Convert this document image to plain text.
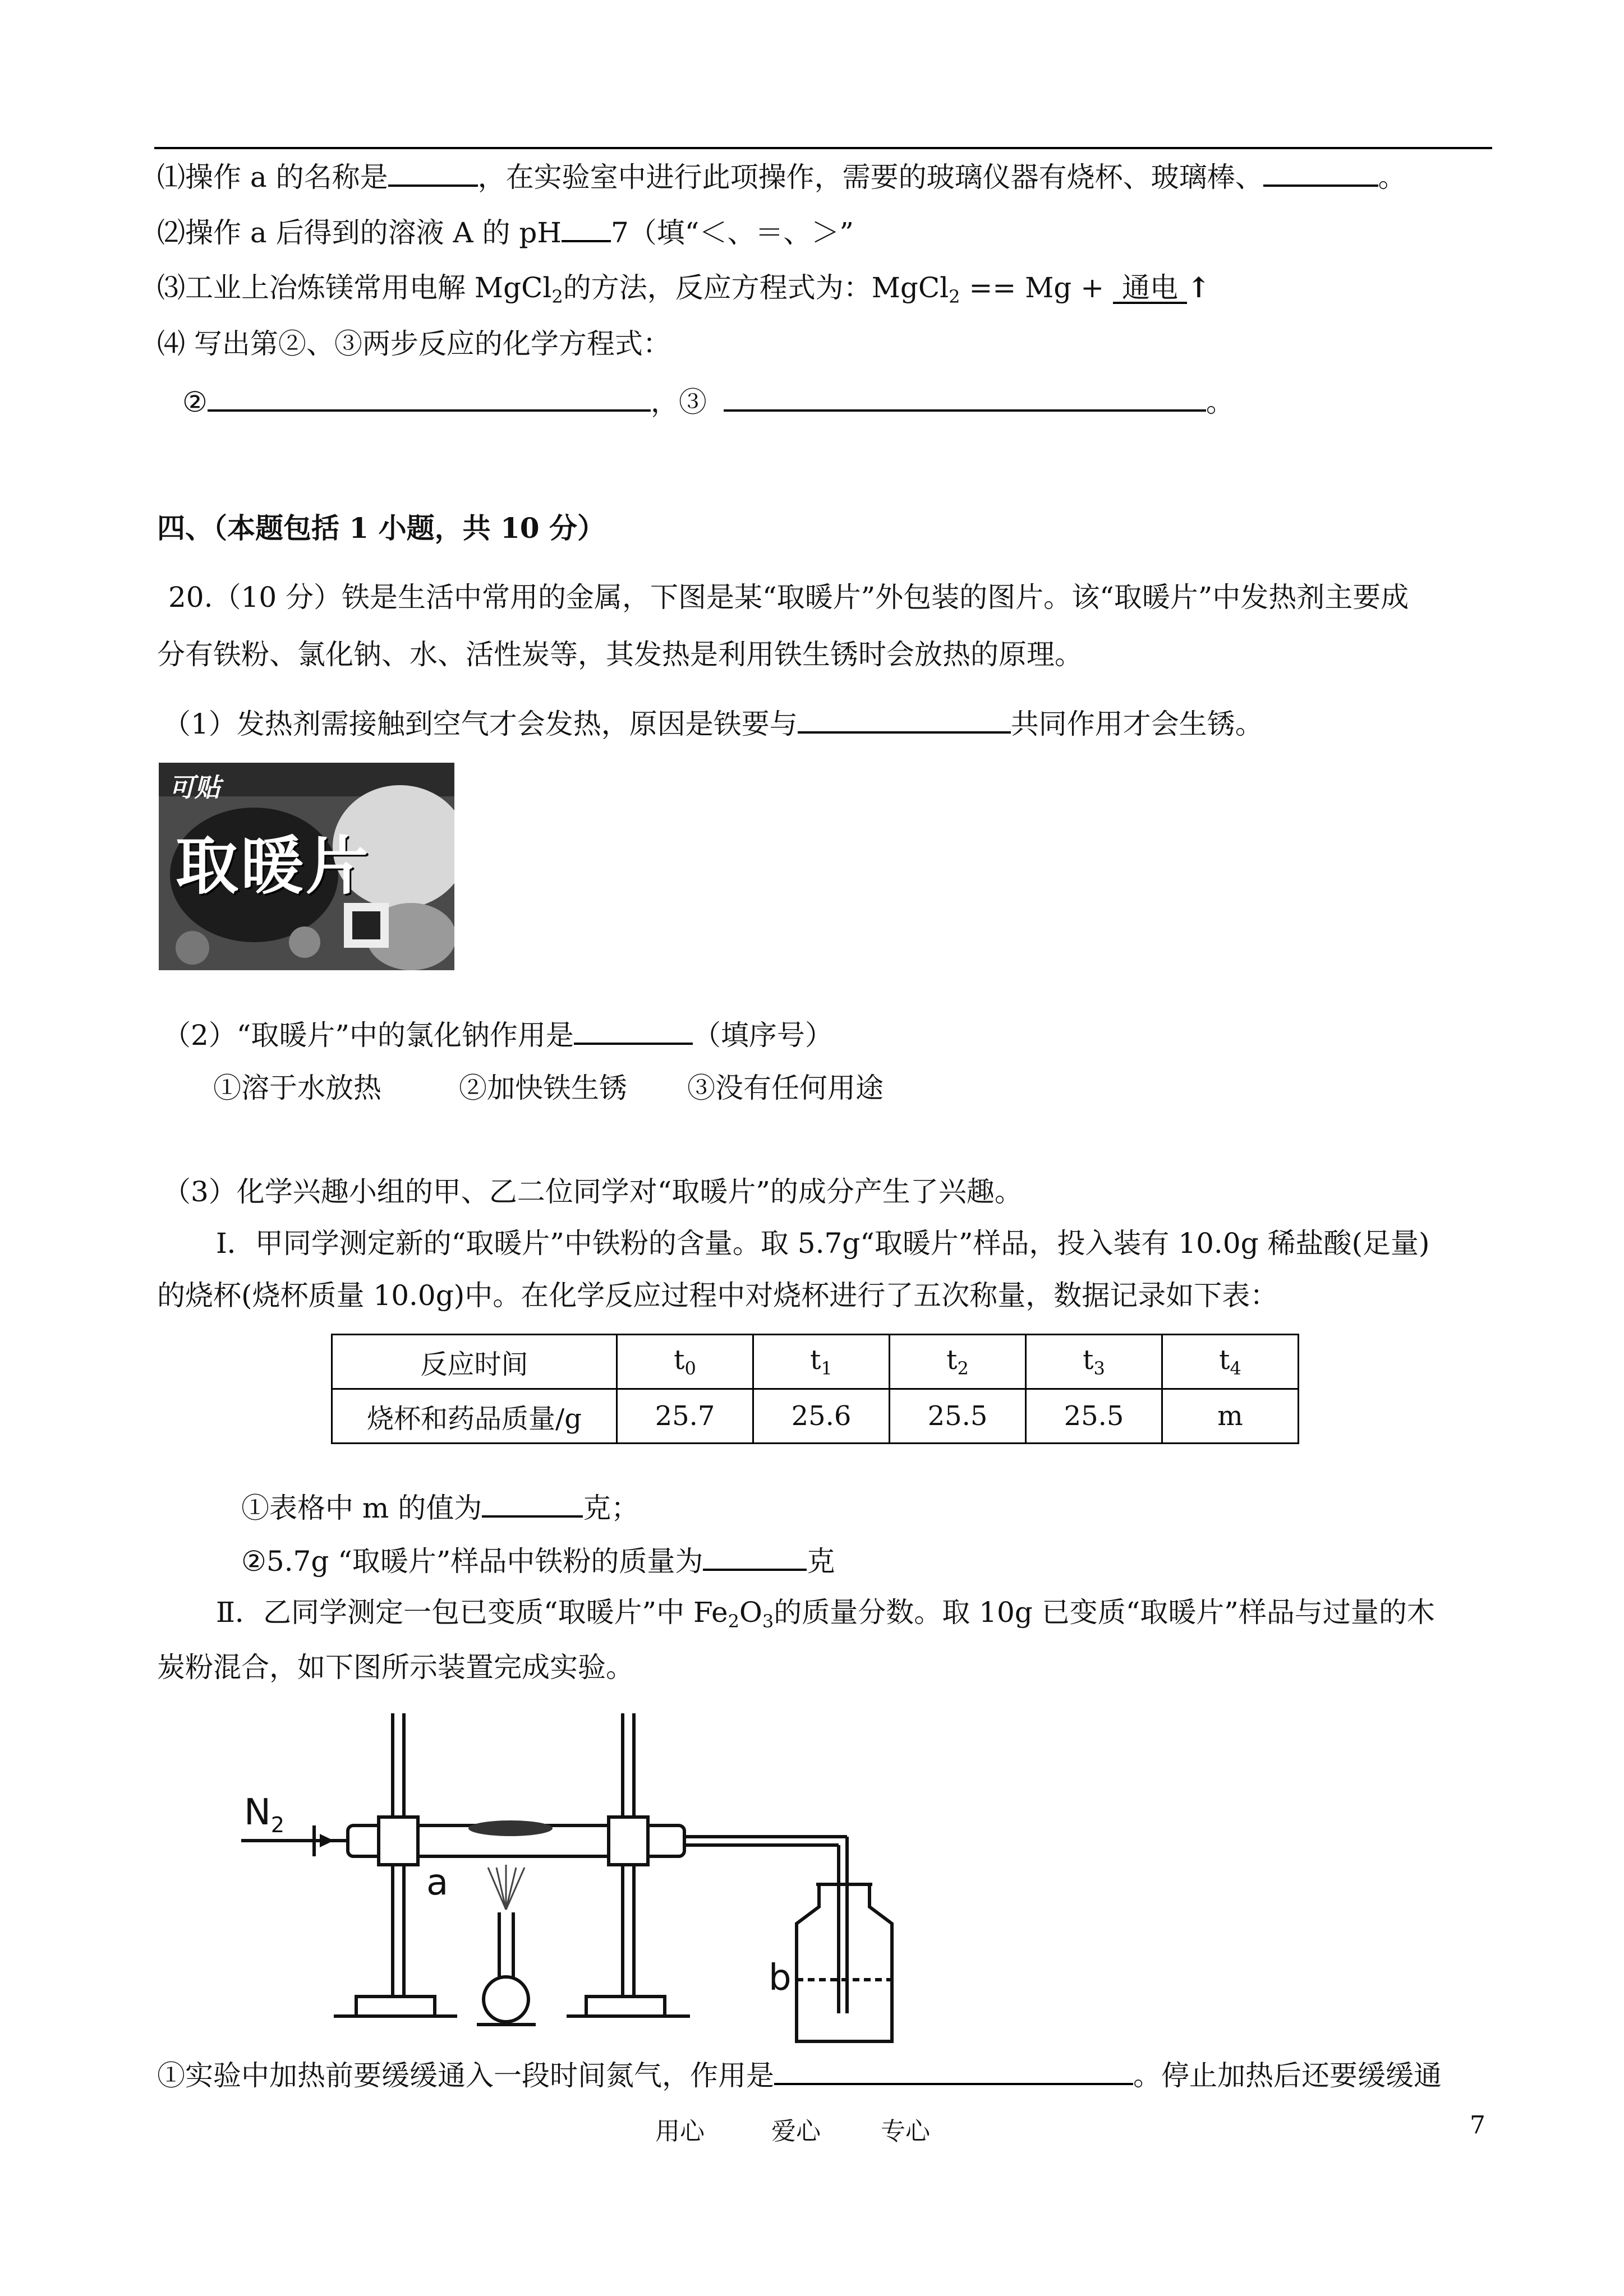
⑴操作 a 的名称是	，在实验室中进行此项操作，需要的玻璃仪器有烧杯、玻璃棒、	。
⑵操作 a 后得到的溶液 A 的 pH 7（填“＜、＝、＞”
⑶工业上冶炼镁常用电解 MgCl$_2$的方法，反应方程式为：MgCl$_2$ == Mg + 通电 ↑
⑷ 写出第②、③两步反应的化学方程式：
②	，③	。
四、（本题包括 1 小题，共 10 分）
20.（10 分）铁是生活中常用的金属，下图是某“取暖片”外包装的图片。该“取暖片”中发热剂主要成
分有铁粉、氯化钠、水、活性炭等，其发热是利用铁生锈时会放热的原理。
（1）发热剂需接触到空气才会发热，原因是铁要与	共同作用才会生锈。
可贴
取暖片
（2）“取暖片”中的氯化钠作用是	（填序号）
①溶于水放热	②加快铁生锈 ③没有任何用途
（3）化学兴趣小组的甲、乙二位同学对“取暖片”的成分产生了兴趣。
Ⅰ．甲同学测定新的“取暖片”中铁粉的含量。取 5.7g“取暖片”样品，投入装有 10.0g 稀盐酸(足量)
的烧杯(烧杯质量 10.0g)中。在化学反应过程中对烧杯进行了五次称量，数据记录如下表：
反应时间	$t_0$	$t_1$	$t_2$	$t_3$	$t_4$
烧杯和药品质量/g	25.7	25.6	25.5	25.5	m
①表格中 m 的值为	克；
②5.7g “取暖片”样品中铁粉的质量为	克
Ⅱ．乙同学测定一包已变质“取暖片”中 $Fe_2O_3$的质量分数。取 10g 已变质“取暖片”样品与过量的木
炭粉混合，如下图所示装置完成实验。
$N_2$
a
b
①实验中加热前要缓缓通入一段时间氮气，作用是	。停止加热后还要缓缓通
用心	爱心 专心	7
